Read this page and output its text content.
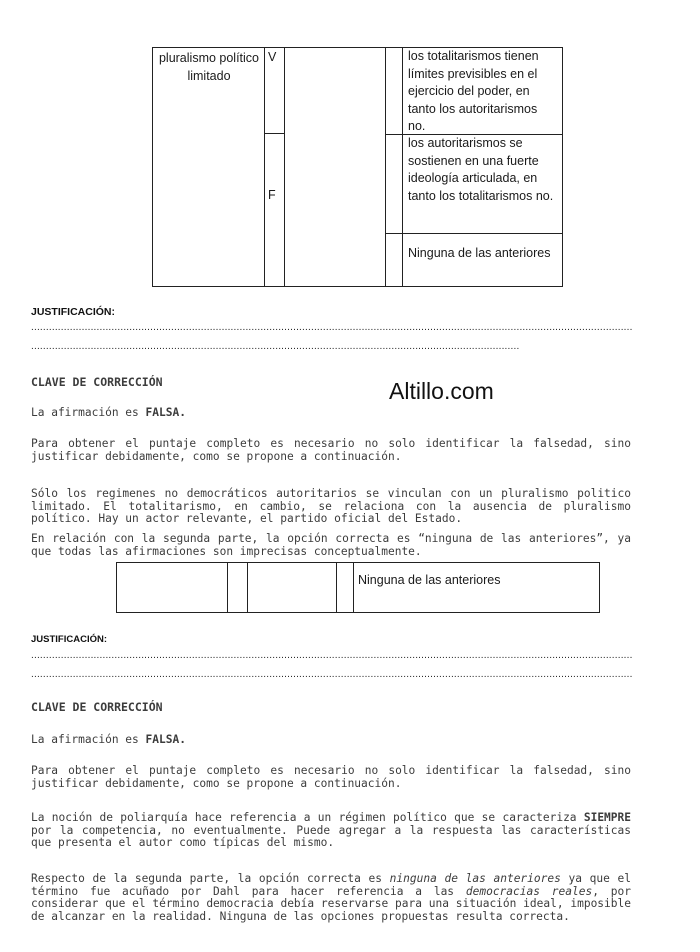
pluralismo político limitado
V
F
los totalitarismos tienen límites previsibles en el ejercicio del poder, en tanto los autoritarismos no.
los autoritarismos se sostienen en una fuerte ideología articulada, en tanto los totalitarismos no.
Ninguna de las anteriores
JUSTIFICACIÓN:
..........................................................................................................................................................................................................
....................................................................................................................................................................
CLAVE DE CORRECCIÓN	Altillo.com
La afirmación es FALSA.
Para obtener el puntaje completo es necesario no solo identificar la falsedad, sino justificar debidamente, como se propone a continuación.
Sólo los regimenes no democráticos autoritarios se vinculan con un pluralismo politico limitado. El totalitarismo, en cambio, se relaciona con la ausencia de pluralismo político. Hay un actor relevante, el partido oficial del Estado.
En relación con la segunda parte, la opción correcta es “ninguna de las anteriores”, ya que todas las afirmaciones son imprecisas conceptualmente.
Ninguna de las anteriores
JUSTIFICACIÓN:
..........................................................................................................................................................................................................
..........................................................................................................................................................................................................
CLAVE DE CORRECCIÓN
La afirmación es FALSA.
Para obtener el puntaje completo es necesario no solo identificar la falsedad, sino justificar debidamente, como se propone a continuación.
La noción de poliarquía hace referencia a un régimen político que se caracteriza SIEMPRE por la competencia, no eventualmente. Puede agregar a la respuesta las características que presenta el autor como típicas del mismo.
Respecto de la segunda parte, la opción correcta es ninguna de las anteriores ya que el término fue acuñado por Dahl para hacer referencia a las democracias reales, por considerar que el término democracia debía reservarse para una situación ideal, imposible de alcanzar en la realidad. Ninguna de las opciones propuestas resulta correcta.
